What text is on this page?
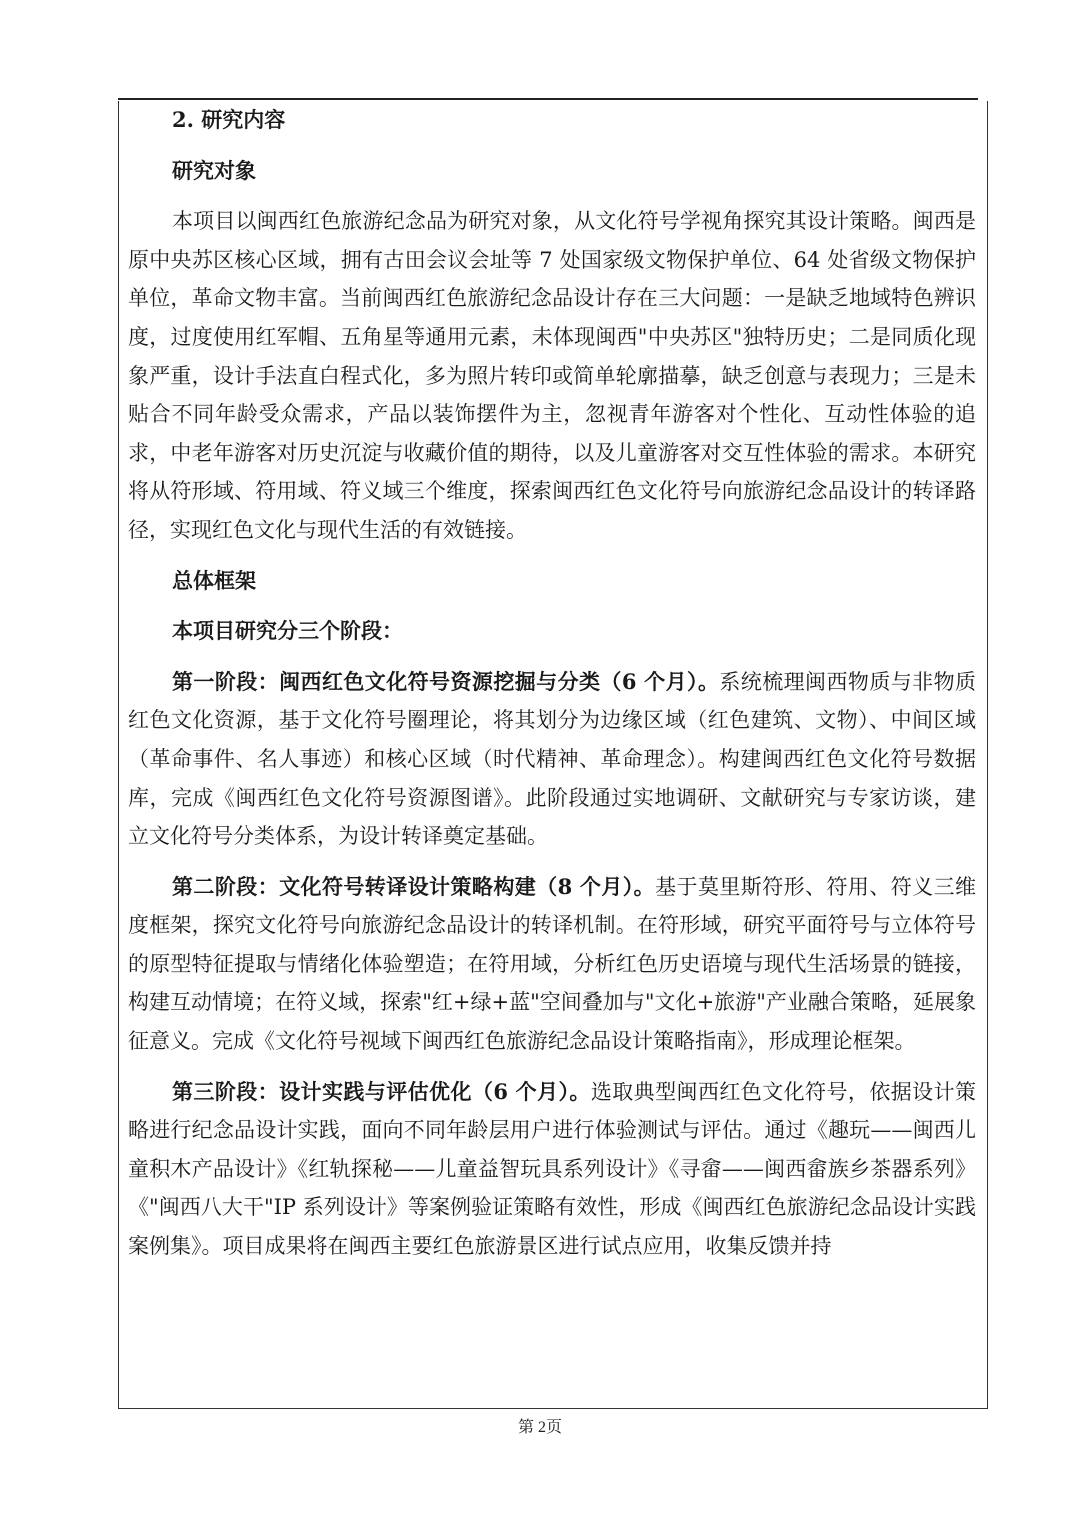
2. 研究内容

研究对象

本项目以闽西红色旅游纪念品为研究对象，从文化符号学视角探究其设计策略。闽西是原中央苏区核心区域，拥有古田会议会址等 7 处国家级文物保护单位、64 处省级文物保护单位，革命文物丰富。当前闽西红色旅游纪念品设计存在三大问题：一是缺乏地域特色辨识度，过度使用红军帽、五角星等通用元素，未体现闽西"中央苏区"独特历史；二是同质化现象严重，设计手法直白程式化，多为照片转印或简单轮廓描摹，缺乏创意与表现力；三是未贴合不同年龄受众需求，产品以装饰摆件为主，忽视青年游客对个性化、互动性体验的追求，中老年游客对历史沉淀与收藏价值的期待，以及儿童游客对交互性体验的需求。本研究将从符形域、符用域、符义域三个维度，探索闽西红色文化符号向旅游纪念品设计的转译路径，实现红色文化与现代生活的有效链接。

总体框架

本项目研究分三个阶段：

第一阶段：闽西红色文化符号资源挖掘与分类（6 个月）。系统梳理闽西物质与非物质红色文化资源，基于文化符号圈理论，将其划分为边缘区域（红色建筑、文物）、中间区域（革命事件、名人事迹）和核心区域（时代精神、革命理念）。构建闽西红色文化符号数据库，完成《闽西红色文化符号资源图谱》。此阶段通过实地调研、文献研究与专家访谈，建立文化符号分类体系，为设计转译奠定基础。

第二阶段：文化符号转译设计策略构建（8 个月）。基于莫里斯符形、符用、符义三维度框架，探究文化符号向旅游纪念品设计的转译机制。在符形域，研究平面符号与立体符号的原型特征提取与情绪化体验塑造；在符用域，分析红色历史语境与现代生活场景的链接，构建互动情境；在符义域，探索"红+绿+蓝"空间叠加与"文化+旅游"产业融合策略，延展象征意义。完成《文化符号视域下闽西红色旅游纪念品设计策略指南》，形成理论框架。

第三阶段：设计实践与评估优化（6 个月）。选取典型闽西红色文化符号，依据设计策略进行纪念品设计实践，面向不同年龄层用户进行体验测试与评估。通过《趣玩——闽西儿童积木产品设计》《红轨探秘——儿童益智玩具系列设计》《寻畲——闽西畲族乡茶器系列》《"闽西八大干"IP 系列设计》等案例验证策略有效性，形成《闽西红色旅游纪念品设计实践案例集》。项目成果将在闽西主要红色旅游景区进行试点应用，收集反馈并持

第 2页
